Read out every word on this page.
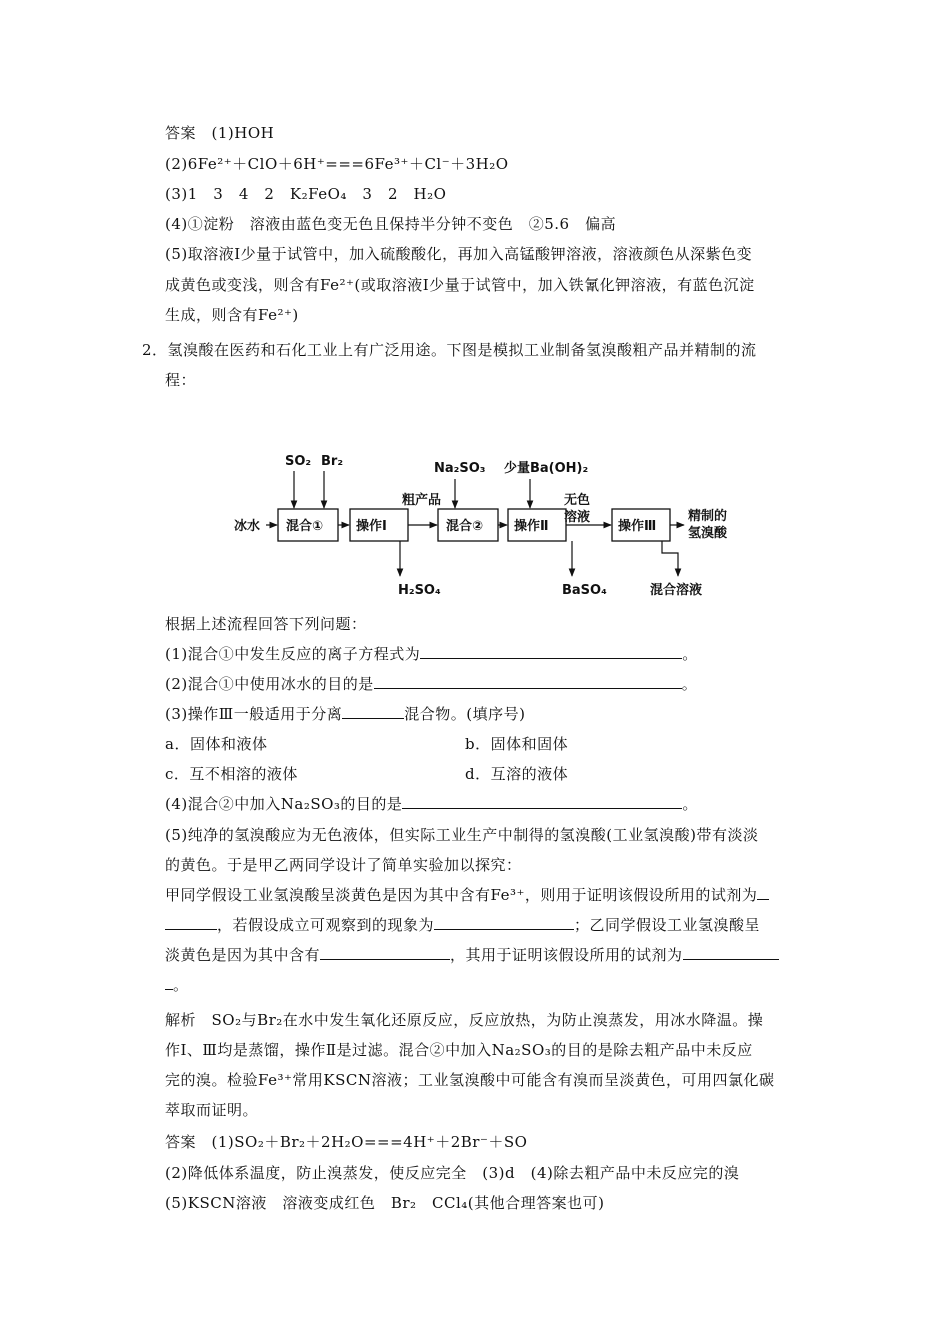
答案　 (1)HOH
(2)6Fe²⁺＋ClO＋6H⁺===6Fe³⁺＋Cl⁻＋3H₂O
(3)1　3　4　2　K₂FeO₄　3　2　H₂O
(4)①淀粉　溶液由蓝色变无色且保持半分钟不变色　②5.6　偏高
(5)取溶液Ⅰ少量于试管中，加入硫酸酸化，再加入高锰酸钾溶液，溶液颜色从深紫色变
成黄色或变浅，则含有Fe²⁺(或取溶液Ⅰ少量于试管中，加入铁氰化钾溶液，有蓝色沉淀
生成，则含有Fe²⁺)
2．氢溴酸在医药和石化工业上有广泛用途。下图是模拟工业制备氢溴酸粗产品并精制的流
程：
SO₂ Br₂
冰水 混合①	操作Ⅰ
粗产品
H₂SO₄
Na₂SO₃
混合②
少量Ba(OH)₂
操作Ⅱ
无色
溶液
BaSO₄
操作Ⅲ
精制的
氢溴酸
混合溶液
根据上述流程回答下列问题：
(1)混合①中发生反应的离子方程式为	。
(2)混合①中使用冰水的目的是	。
(3)操作Ⅲ一般适用于分离	混合物。(填序号)
a．固体和液体	b．固体和固体
c．互不相溶的液体	d．互溶的液体
(4)混合②中加入Na₂SO₃的目的是	。
(5)纯净的氢溴酸应为无色液体，但实际工业生产中制得的氢溴酸(工业氢溴酸)带有淡淡
的黄色。于是甲乙两同学设计了简单实验加以探究：
甲同学假设工业氢溴酸呈淡黄色是因为其中含有Fe³⁺，则用于证明该假设所用的试剂为
，若假设成立可观察到的现象为	；乙同学假设工业氢溴酸呈
淡黄色是因为其中含有	，其用于证明该假设所用的试剂为
。
解析　SO₂与Br₂在水中发生氧化还原反应，反应放热，为防止溴蒸发，用冰水降温。操
作Ⅰ、Ⅲ均是蒸馏，操作Ⅱ是过滤。混合②中加入Na₂SO₃的目的是除去粗产品中未反应
完的溴。检验Fe³⁺常用KSCN溶液；工业氢溴酸中可能含有溴而呈淡黄色，可用四氯化碳
萃取而证明。
答案　(1)SO₂＋Br₂＋2H₂O===4H⁺＋2Br⁻＋SO
(2)降低体系温度，防止溴蒸发，使反应完全　(3)d　(4)除去粗产品中未反应完的溴
(5)KSCN溶液　溶液变成红色　Br₂　CCl₄(其他合理答案也可)
